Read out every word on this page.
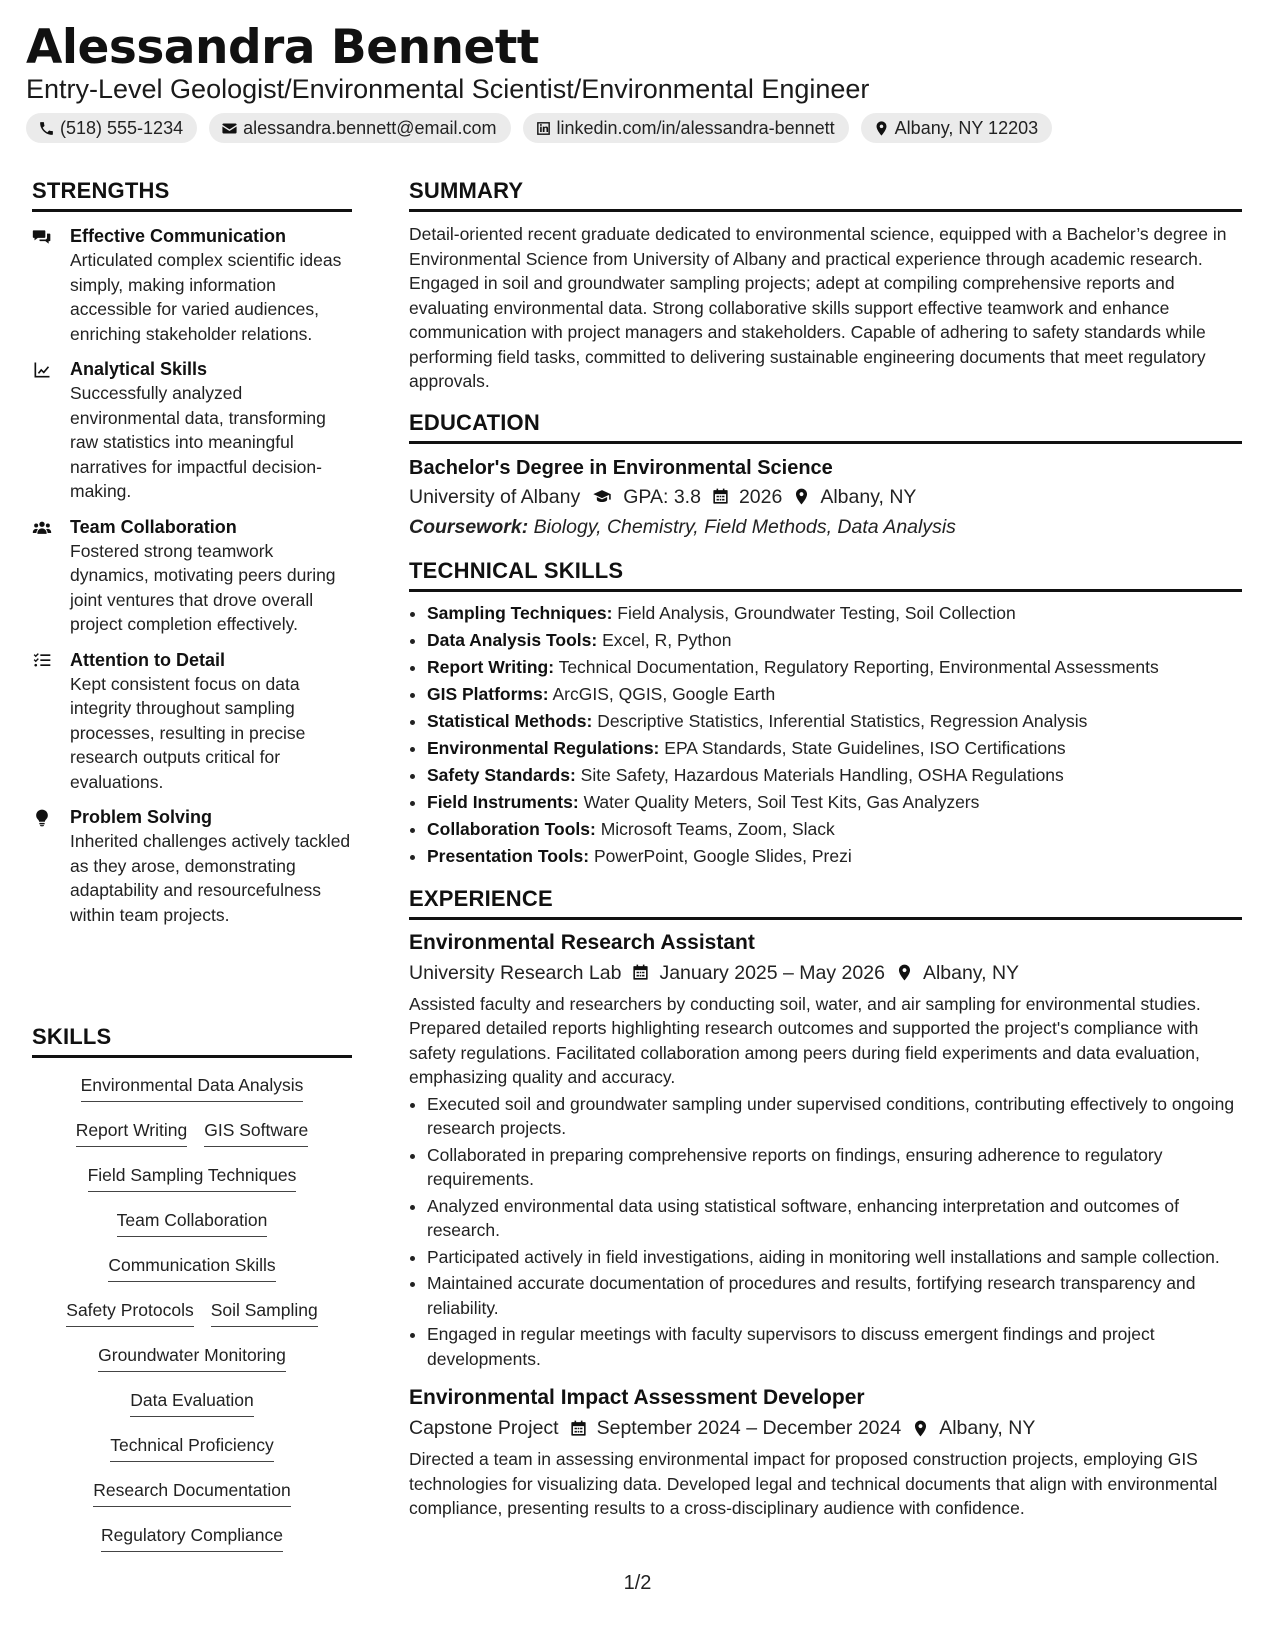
Alessandra Bennett
Entry-Level Geologist/Environmental Scientist/Environmental Engineer
(518) 555-1234	alessandra.bennett@email.com	linkedin.com/in/alessandra-bennett	Albany, NY 12203
STRENGTHS
Effective Communication
Articulated complex scientific ideas simply, making information accessible for varied audiences, enriching stakeholder relations.
Analytical Skills
Successfully analyzed environmental data, transforming raw statistics into meaningful narratives for impactful decision-making.
Team Collaboration
Fostered strong teamwork dynamics, motivating peers during joint ventures that drove overall project completion effectively.
Attention to Detail
Kept consistent focus on data integrity throughout sampling processes, resulting in precise research outputs critical for evaluations.
Problem Solving
Inherited challenges actively tackled as they arose, demonstrating adaptability and resourcefulness within team projects.
SKILLS
Environmental Data Analysis
Report Writing GIS Software
Field Sampling Techniques
Team Collaboration
Communication Skills
Safety Protocols Soil Sampling
Groundwater Monitoring
Data Evaluation
Technical Proficiency
Research Documentation
Regulatory Compliance
SUMMARY

Detail-oriented recent graduate dedicated to environmental science, equipped with a Bachelor’s degree in Environmental Science from University of Albany and practical experience through academic research. Engaged in soil and groundwater sampling projects; adept at compiling comprehensive reports and evaluating environmental data. Strong collaborative skills support effective teamwork and enhance communication with project managers and stakeholders. Capable of adhering to safety standards while performing field tasks, committed to delivering sustainable engineering documents that meet regulatory approvals.

EDUCATION
Bachelor's Degree in Environmental Science
University of Albany GPA: 3.8 2026 Albany, NY
Coursework: Biology, Chemistry, Field Methods, Data Analysis
TECHNICAL SKILLS
• Sampling Techniques: Field Analysis, Groundwater Testing, Soil Collection
• Data Analysis Tools: Excel, R, Python
• Report Writing: Technical Documentation, Regulatory Reporting, Environmental Assessments
• GIS Platforms: ArcGIS, QGIS, Google Earth
• Statistical Methods: Descriptive Statistics, Inferential Statistics, Regression Analysis
• Environmental Regulations: EPA Standards, State Guidelines, ISO Certifications
• Safety Standards: Site Safety, Hazardous Materials Handling, OSHA Regulations
• Field Instruments: Water Quality Meters, Soil Test Kits, Gas Analyzers
• Collaboration Tools: Microsoft Teams, Zoom, Slack
• Presentation Tools: PowerPoint, Google Slides, Prezi
EXPERIENCE
Environmental Research Assistant
University Research Lab January 2025 – May 2026 Albany, NY

Assisted faculty and researchers by conducting soil, water, and air sampling for environmental studies. Prepared detailed reports highlighting research outcomes and supported the project's compliance with safety regulations. Facilitated collaboration among peers during field experiments and data evaluation, emphasizing quality and accuracy.

• Executed soil and groundwater sampling under supervised conditions, contributing effectively to ongoing research projects.
• Collaborated in preparing comprehensive reports on findings, ensuring adherence to regulatory requirements.
• Analyzed environmental data using statistical software, enhancing interpretation and outcomes of research.
• Participated actively in field investigations, aiding in monitoring well installations and sample collection.
• Maintained accurate documentation of procedures and results, fortifying research transparency and reliability.
• Engaged in regular meetings with faculty supervisors to discuss emergent findings and project developments.
Environmental Impact Assessment Developer
Capstone Project September 2024 – December 2024 Albany, NY

Directed a team in assessing environmental impact for proposed construction projects, employing GIS technologies for visualizing data. Developed legal and technical documents that align with environmental compliance, presenting results to a cross-disciplinary audience with confidence.

1/2
